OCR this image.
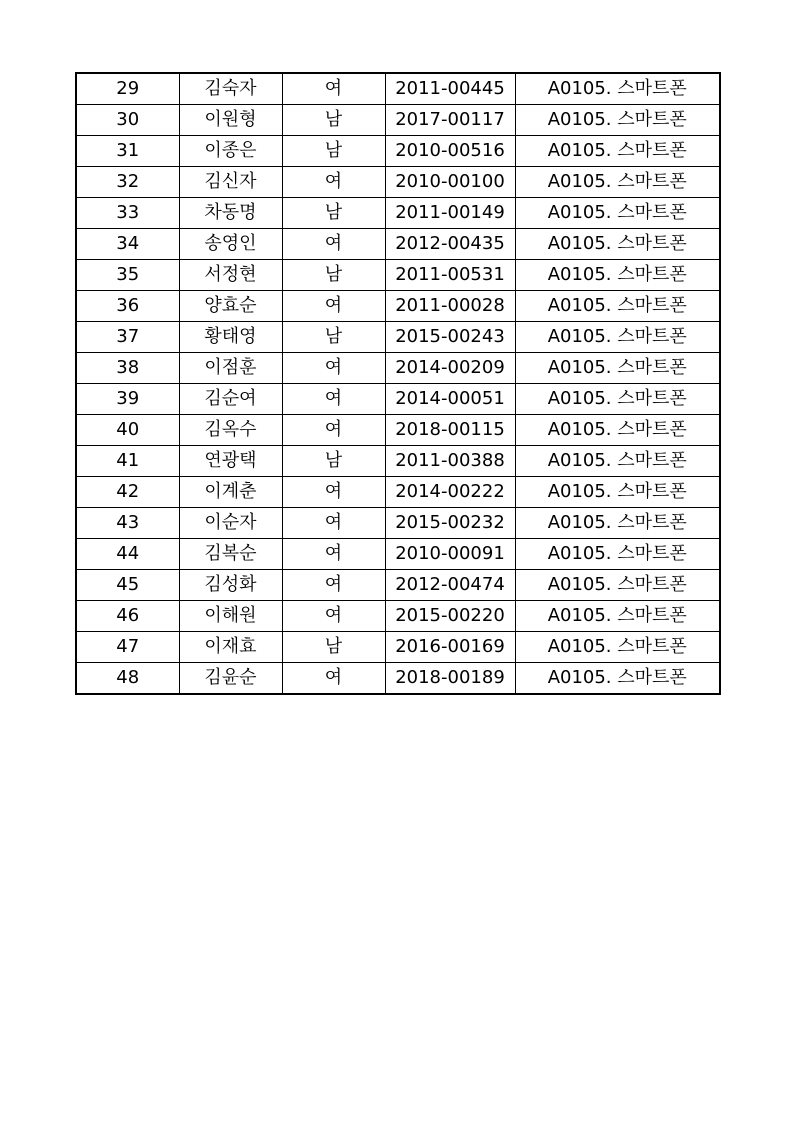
29	김숙자	여	2011-00445	A0105. 스마트폰
30	이원형	남	2017-00117	A0105. 스마트폰
31	이종은	남	2010-00516	A0105. 스마트폰
32	김신자	여	2010-00100	A0105. 스마트폰
33	차동명	남	2011-00149	A0105. 스마트폰
34	송영인	여	2012-00435	A0105. 스마트폰
35	서정현	남	2011-00531	A0105. 스마트폰
36	양효순	여	2011-00028	A0105. 스마트폰
37	황태영	남	2015-00243	A0105. 스마트폰
38	이점훈	여	2014-00209	A0105. 스마트폰
39	김순여	여	2014-00051	A0105. 스마트폰
40	김옥수	여	2018-00115	A0105. 스마트폰
41	연광택	남	2011-00388	A0105. 스마트폰
42	이계춘	여	2014-00222	A0105. 스마트폰
43	이순자	여	2015-00232	A0105. 스마트폰
44	김복순	여	2010-00091	A0105. 스마트폰
45	김성화	여	2012-00474	A0105. 스마트폰
46	이해원	여	2015-00220	A0105. 스마트폰
47	이재효	남	2016-00169	A0105. 스마트폰
48	김윤순	여	2018-00189	A0105. 스마트폰
